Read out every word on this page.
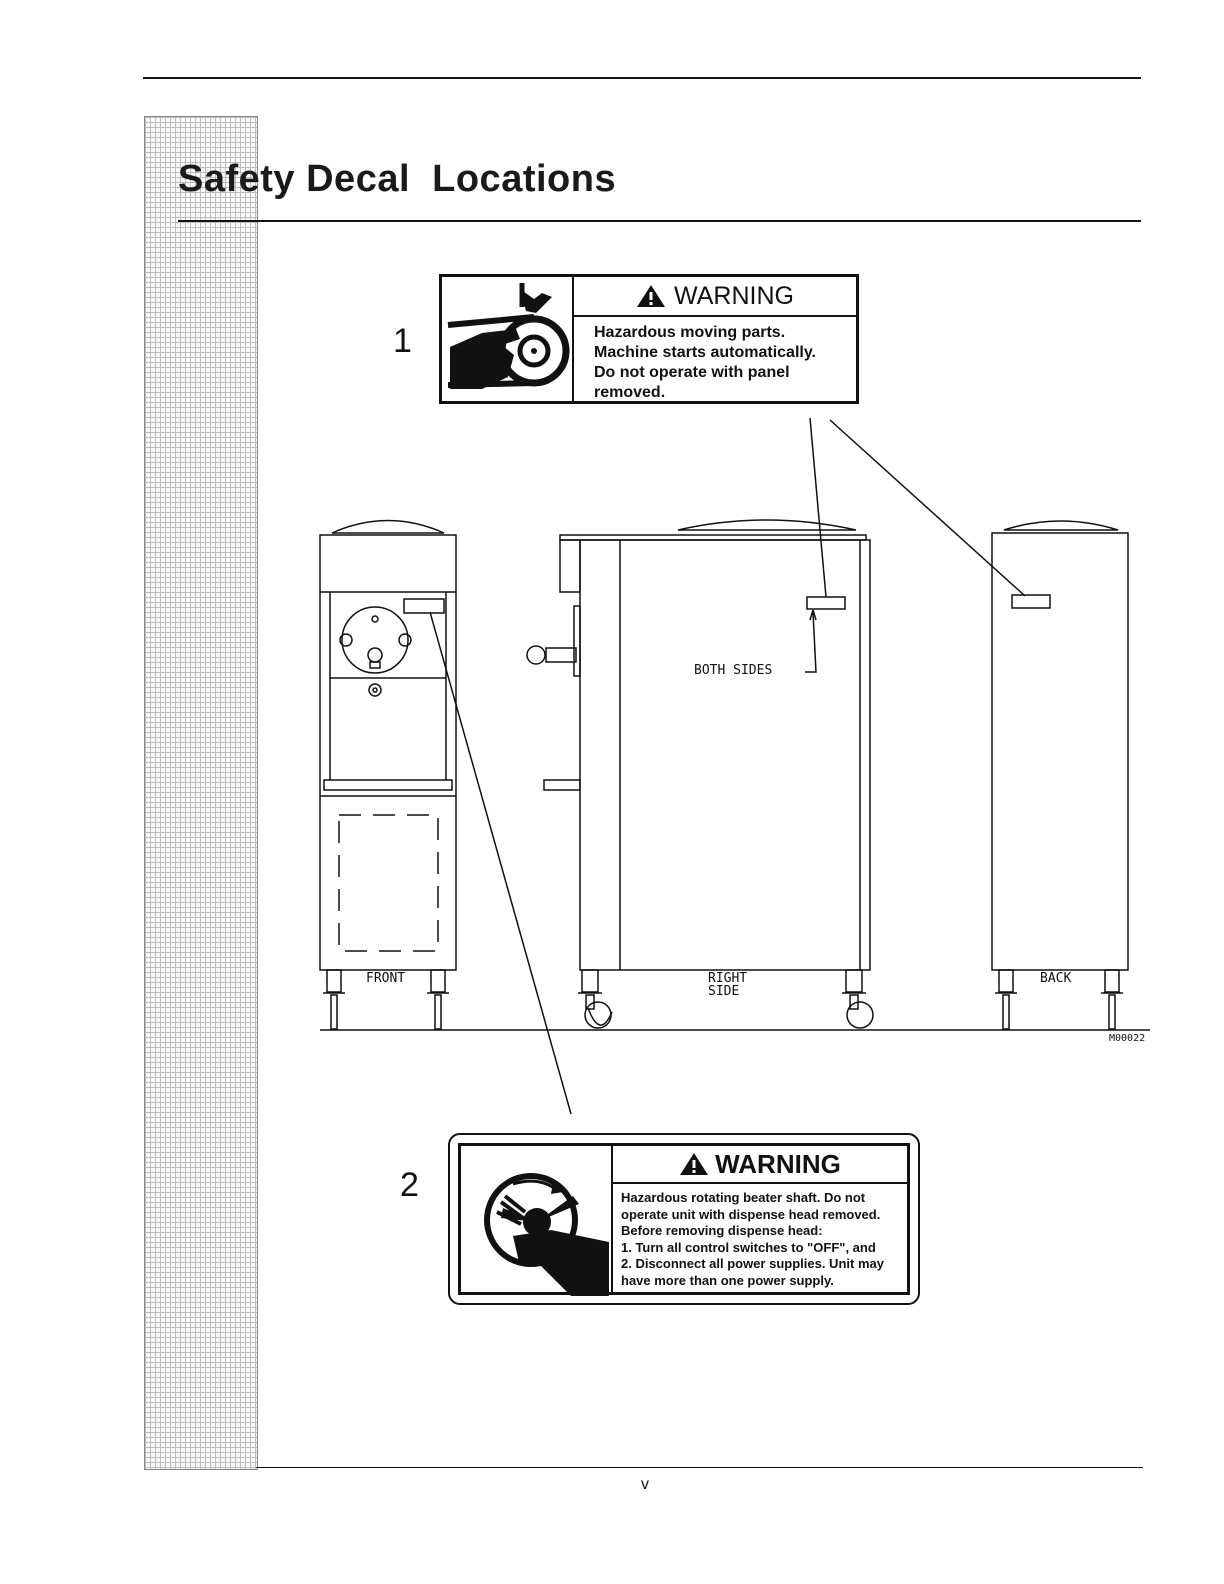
Safety Decal  Locations
1
WARNING
Hazardous moving parts.
Machine starts automatically.
Do not operate with panel
removed.
FRONT	RIGHT
SIDE
BACK
BOTH SIDES
M00022
2
WARNING
Hazardous rotating beater shaft. Do not
operate unit with dispense head removed.
Before removing dispense head:
1. Turn all control switches to "OFF", and
2. Disconnect all power supplies. Unit may
have more than one power supply.
v
